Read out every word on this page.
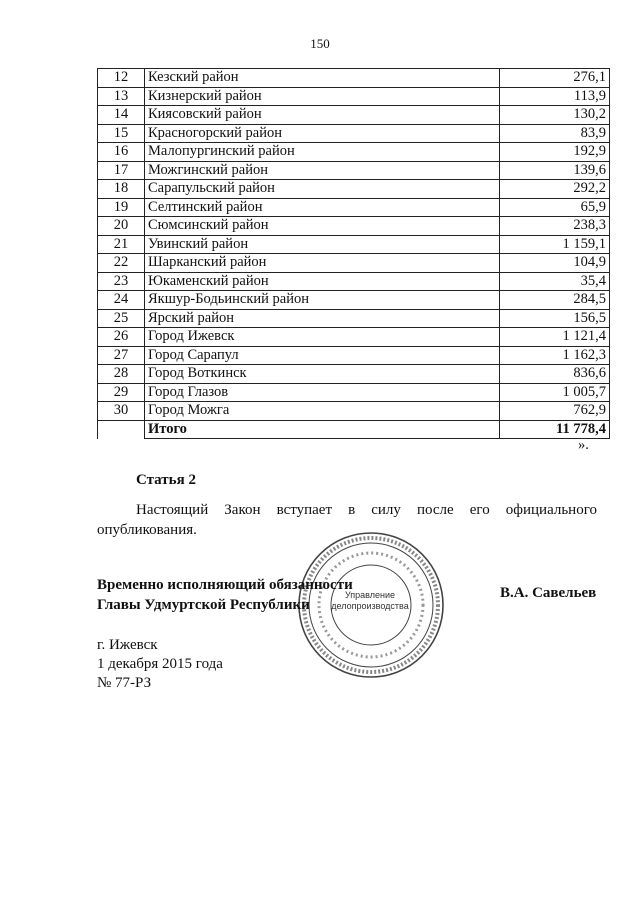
150
12	Кезский район	276,1
13	Кизнерский район	113,9
14	Киясовский район	130,2
15	Красногорский район	83,9
16	Малопургинский район	192,9
17	Можгинский район	139,6
18	Сарапульский район	292,2
19	Селтинский район	65,9
20	Сюмсинский район	238,3
21	Увинский район	1 159,1
22	Шарканский район	104,9
23	Юкаменский район	35,4
24	Якшур-Бодьинский район	284,5
25	Ярский район	156,5
26	Город Ижевск	1 121,4
27	Город Сарапул	1 162,3
28	Город Воткинск	836,6
29	Город Глазов	1 005,7
30	Город Можга	762,9
	Итого	11 778,4
».
Статья 2
Настоящий Закон вступает в силу после его официального опубликования.
Управление
делопроизводства
Временно исполняющий обязанности
Главы Удмуртской Республики
В.А. Савельев
г. Ижевск
1 декабря 2015 года
№ 77-РЗ
